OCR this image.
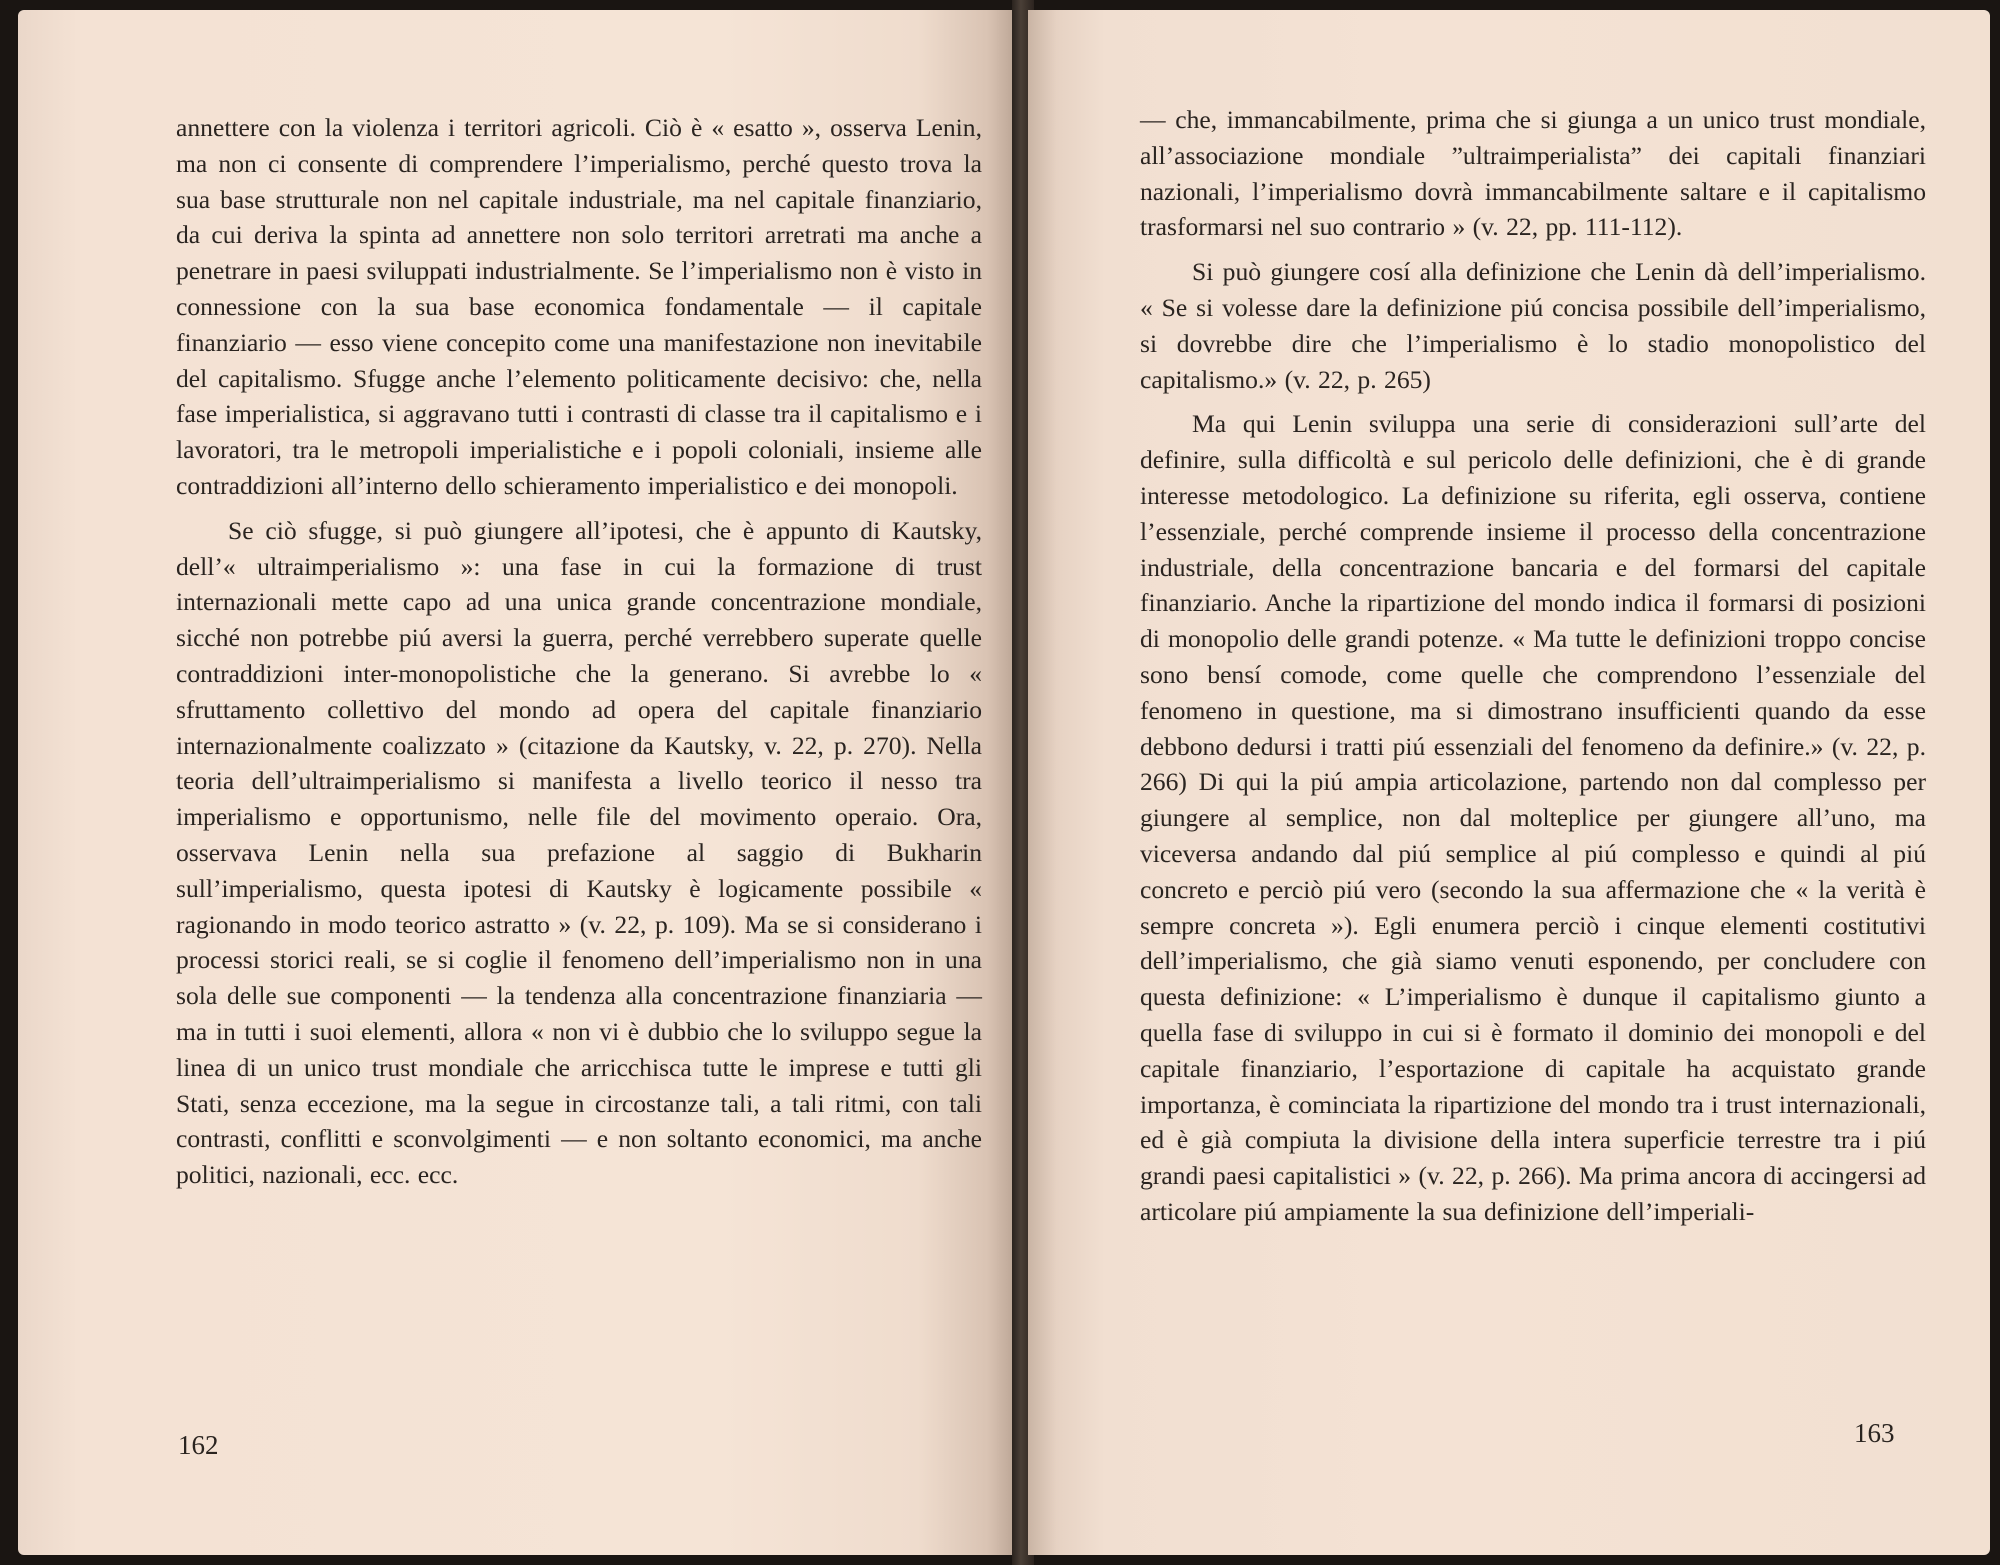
annettere con la violenza i territori agricoli. Ciò è « esatto », osserva Lenin, ma non ci consente di comprendere l’imperialismo, perché questo trova la sua base strutturale non nel capitale industriale, ma nel capitale finanziario, da cui deriva la spinta ad annettere non solo territori arretrati ma anche a penetrare in paesi sviluppati industrialmente. Se l’imperialismo non è visto in connessione con la sua base economica fondamentale — il capitale finanziario — esso viene concepito come una manifestazione non inevitabile del capitalismo. Sfugge anche l’elemento politicamente decisivo: che, nella fase imperialistica, si aggravano tutti i contrasti di classe tra il capitalismo e i lavoratori, tra le metropoli imperialistiche e i popoli coloniali, insieme alle contraddizioni all’interno dello schieramento imperialistico e dei monopoli.

Se ciò sfugge, si può giungere all’ipotesi, che è appunto di Kautsky, dell’« ultraimperialismo »: una fase in cui la formazione di trust internazionali mette capo ad una unica grande concentrazione mondiale, sicché non potrebbe piú aversi la guerra, perché verrebbero superate quelle contraddizioni inter-monopolistiche che la generano. Si avrebbe lo « sfruttamento collettivo del mondo ad opera del capitale finanziario internazionalmente coalizzato » (citazione da Kautsky, v. 22, p. 270). Nella teoria dell’ultraimperialismo si manifesta a livello teorico il nesso tra imperialismo e opportunismo, nelle file del movimento operaio. Ora, osservava Lenin nella sua prefazione al saggio di Bukharin sull’imperialismo, questa ipotesi di Kautsky è logicamente possibile « ragionando in modo teorico astratto » (v. 22, p. 109). Ma se si considerano i processi storici reali, se si coglie il fenomeno dell’imperialismo non in una sola delle sue componenti — la tendenza alla concentrazione finanziaria — ma in tutti i suoi elementi, allora « non vi è dubbio che lo sviluppo segue la linea di un unico trust mondiale che arricchisca tutte le imprese e tutti gli Stati, senza eccezione, ma la segue in circostanze tali, a tali ritmi, con tali contrasti, conflitti e sconvolgimenti — e non soltanto economici, ma anche politici, nazionali, ecc. ecc.

162

— che, immancabilmente, prima che si giunga a un unico trust mondiale, all’associazione mondiale ”ultraimperialista” dei capitali finanziari nazionali, l’imperialismo dovrà immancabilmente saltare e il capitalismo trasformarsi nel suo contrario » (v. 22, pp. 111-112).

Si può giungere cosí alla definizione che Lenin dà dell’imperialismo. « Se si volesse dare la definizione piú concisa possibile dell’imperialismo, si dovrebbe dire che l’imperialismo è lo stadio monopolistico del capitalismo.» (v. 22, p. 265)

Ma qui Lenin sviluppa una serie di considerazioni sull’arte del definire, sulla difficoltà e sul pericolo delle definizioni, che è di grande interesse metodologico. La definizione su riferita, egli osserva, contiene l’essenziale, perché comprende insieme il processo della concentrazione industriale, della concentrazione bancaria e del formarsi del capitale finanziario. Anche la ripartizione del mondo indica il formarsi di posizioni di monopolio delle grandi potenze. « Ma tutte le definizioni troppo concise sono bensí comode, come quelle che comprendono l’essenziale del fenomeno in questione, ma si dimostrano insufficienti quando da esse debbono dedursi i tratti piú essenziali del fenomeno da definire.» (v. 22, p. 266) Di qui la piú ampia articolazione, partendo non dal complesso per giungere al semplice, non dal molteplice per giungere all’uno, ma viceversa andando dal piú semplice al piú complesso e quindi al piú concreto e perciò piú vero (secondo la sua affermazione che « la verità è sempre concreta »). Egli enumera perciò i cinque elementi costitutivi dell’imperialismo, che già siamo venuti esponendo, per concludere con questa definizione: « L’imperialismo è dunque il capitalismo giunto a quella fase di sviluppo in cui si è formato il dominio dei monopoli e del capitale finanziario, l’esportazione di capitale ha acquistato grande importanza, è cominciata la ripartizione del mondo tra i trust internazionali, ed è già compiuta la divisione della intera superficie terrestre tra i piú grandi paesi capitalistici » (v. 22, p. 266). Ma prima ancora di accingersi ad articolare piú ampiamente la sua definizione dell’imperiali-

163
